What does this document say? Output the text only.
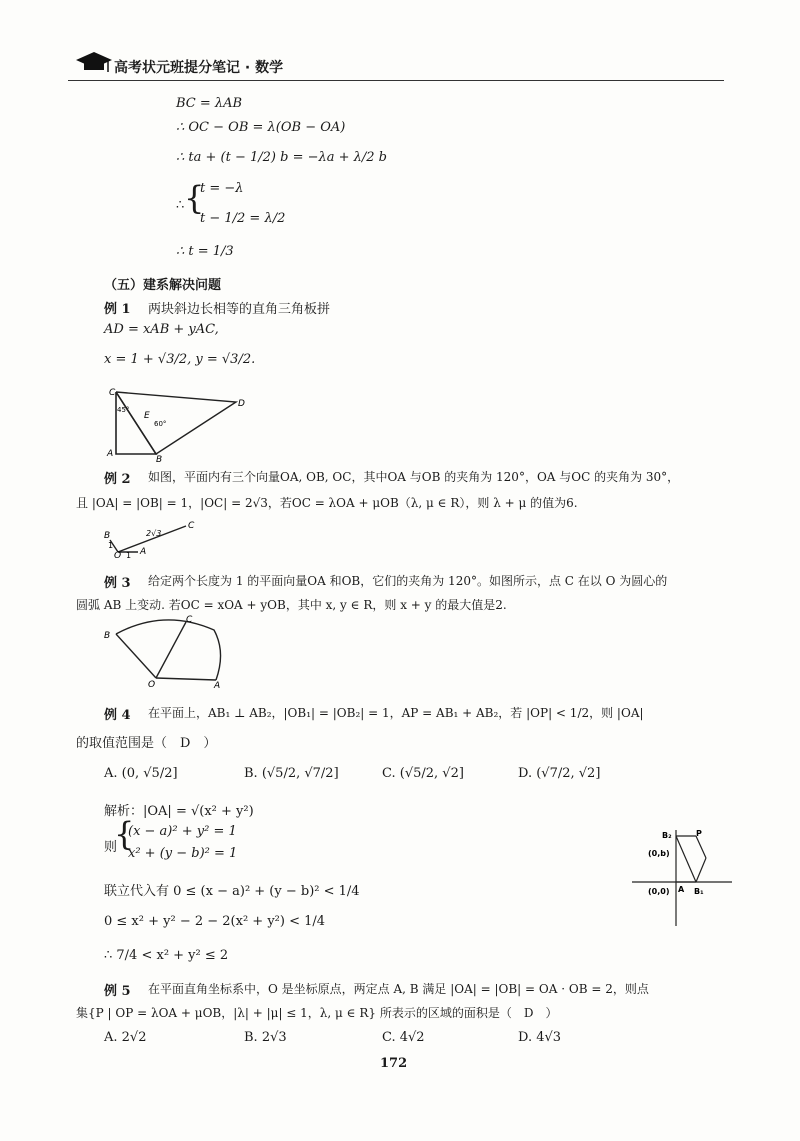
高考状元班提分笔记 · 数学
BC = λAB
∴ OC − OB = λ(OB − OA)
∴ ta + (t − 1/2) b = −λa + λ/2 b
{
∴
t = −λ
t − 1/2 = λ/2
∴ t = 1/3
（五）建系解决问题
例 1 两块斜边长相等的直角三角板拼
AD = xAB + yAC,
x = 1 + √3/2, y = √3/2.
C
E
D
A
B
45°
60°
例 2 如图，平面内有三个向量OA, OB, OC，其中OA 与OB 的夹角为 120°，OA 与OC 的夹角为 30°，
且 |OA| = |OB| = 1，|OC| = 2√3，若OC = λOA + μOB（λ, μ ∈ R），则 λ + μ 的值为6.
B
C
O A
2√3
1
1
例 3 给定两个长度为 1 的平面向量OA 和OB，它们的夹角为 120°。如图所示，点 C 在以 O 为圆心的
圆弧 AB 上变动. 若OC = xOA + yOB，其中 x, y ∈ R，则 x + y 的最大值是2.
B
C
O	A
例 4 在平面上，AB₁ ⊥ AB₂，|OB₁| = |OB₂| = 1，AP = AB₁ + AB₂，若 |OP| < 1/2，则 |OA|
的取值范围是（　D　）
A. (0, √5/2]	B. (√5/2, √7/2]	C. (√5/2, √2]	D. (√7/2, √2]
解析：|OA| = √(x² + y²)
则
{
(x − a)² + y² = 1
x² + (y − b)² = 1
联立代入有 0 ≤ (x − a)² + (y − b)² < 1/4
0 ≤ x² + y² − 2 − 2(x² + y²) < 1/4
∴ 7/4 < x² + y² ≤ 2
B₂	P
(0,b)
(0,0) A B₁
例 5 在平面直角坐标系中，O 是坐标原点，两定点 A, B 满足 |OA| = |OB| = OA · OB = 2，则点
集{P | OP = λOA + μOB，|λ| + |μ| ≤ 1，λ, μ ∈ R} 所表示的区域的面积是（　D　）
A. 2√2	B. 2√3	C. 4√2	D. 4√3
172
